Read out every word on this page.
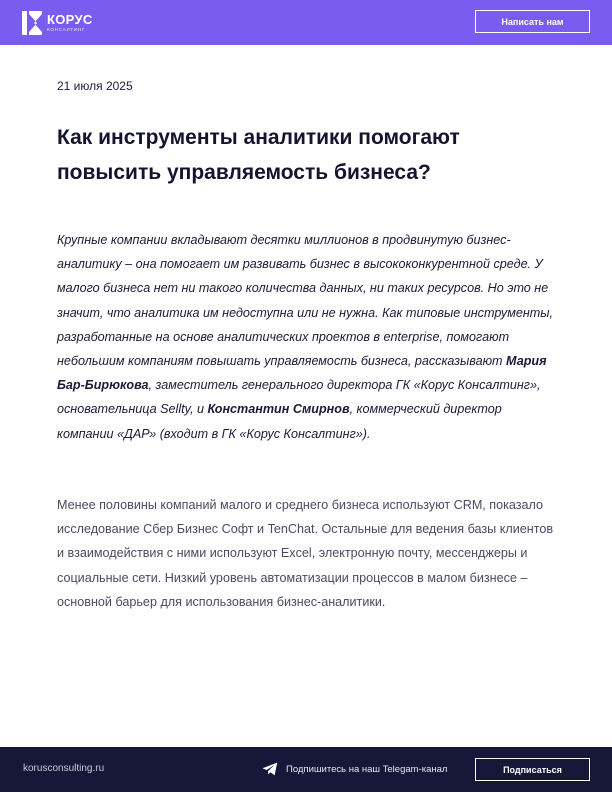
КОРУС
КОНСАЛТИНГ
Написать нам
21 июля 2025
Как инструменты аналитики помогают повысить управляемость бизнеса?

Крупные компании вкладывают десятки миллионов в продвинутую бизнес-аналитику – она помогает им развивать бизнес в высококонкурентной среде. У малого бизнеса нет ни такого количества данных, ни таких ресурсов. Но это не значит, что аналитика им недоступна или не нужна. Как типовые инструменты, разработанные на основе аналитических проектов в enterprise, помогают небольшим компаниям повышать управляемость бизнеса, рассказывают Мария Бар-Бирюкова, заместитель генерального директора ГК «Корус Консалтинг», основательница Sellty, и Константин Смирнов, коммерческий директор компании «ДАР» (входит в ГК «Корус Консалтинг»).

Менее половины компаний малого и среднего бизнеса используют CRM, показало исследование Сбер Бизнес Софт и TenChat. Остальные для ведения базы клиентов и взаимодействия с ними используют Excel, электронную почту, мессенджеры и социальные сети. Низкий уровень автоматизации процессов в малом бизнесе – основной барьер для использования бизнес-аналитики.

korusconsulting.ru	Подпишитесь на наш Telegam-канал	Подписаться
